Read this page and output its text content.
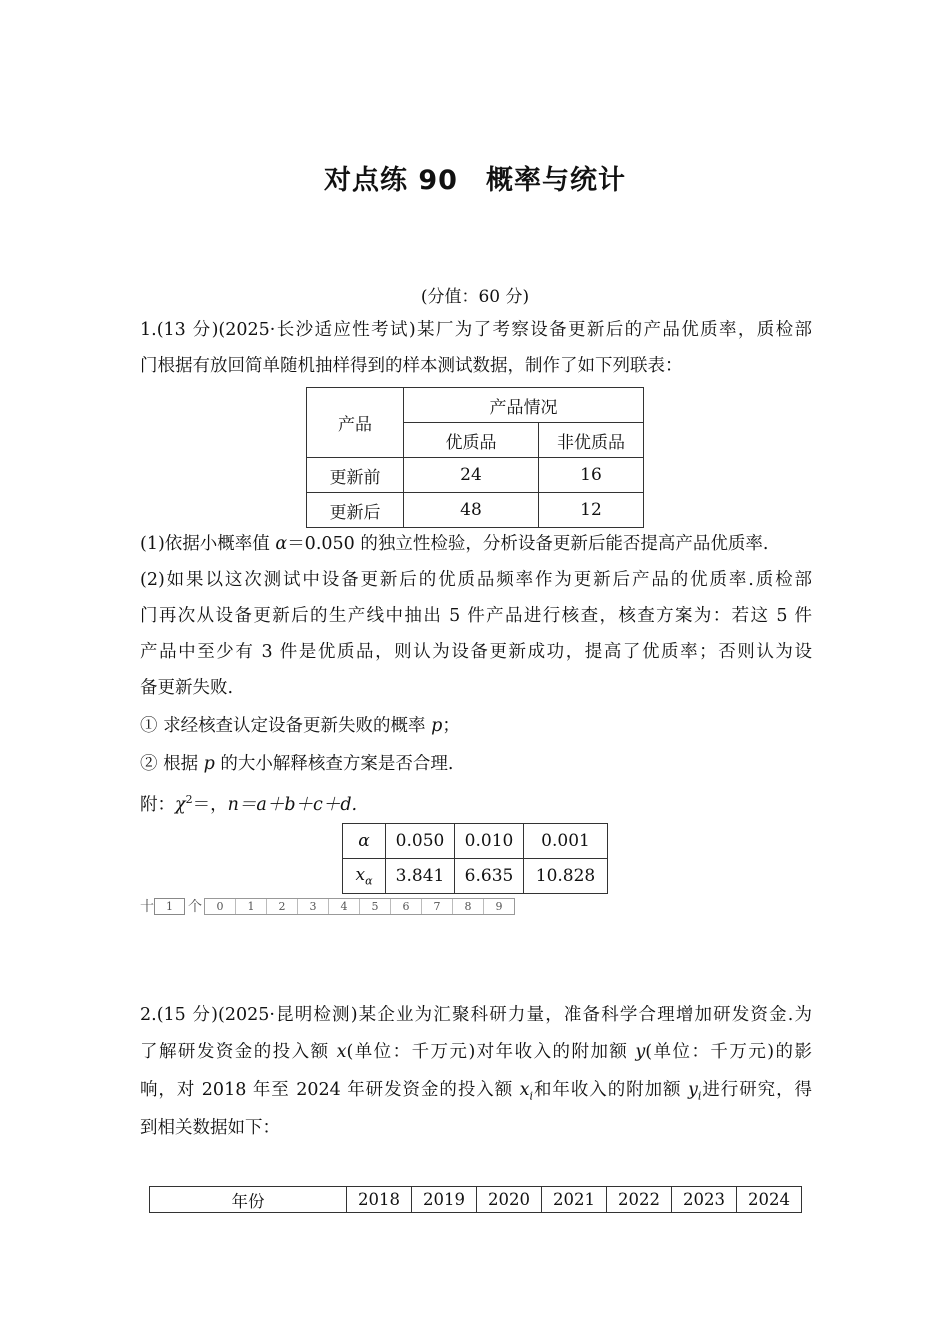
对点练 90 概率与统计
(分值：60 分)
1.(13 分)(2025·长沙适应性考试)某厂为了考察设备更新后的产品优质率，质检部
门根据有放回简单随机抽样得到的样本测试数据，制作了如下列联表：
产品	产品情况	
	优质品	非优质品
更新前	24	16
更新后	48	12
(1)依据小概率值 α＝0.050 的独立性检验，分析设备更新后能否提高产品优质率.
(2)如果以这次测试中设备更新后的优质品频率作为更新后产品的优质率.质检部
门再次从设备更新后的生产线中抽出 5 件产品进行核查，核查方案为：若这 5 件
产品中至少有 3 件是优质品，则认为设备更新成功，提高了优质率；否则认为设
备更新失败.
① 求经核查认定设备更新失败的概率 p；
② 根据 p 的大小解释核查方案是否合理.
附：$\chi^2=$，n＝a＋b＋c＋d.
α	0.050	0.010	0.001
$x_\alpha$	3.841	6.635	10.828
十	1	个	0	1	2	3	4	5	6	7	8	9
2.(15 分)(2025·昆明检测)某企业为汇聚科研力量，准备科学合理增加研发资金.为
了解研发资金的投入额 x(单位：千万元)对年收入的附加额 y(单位：千万元)的影
响，对 2018 年至 2024 年研发资金的投入额 $x_i$和年收入的附加额 $y_i$进行研究，得
到相关数据如下：
年份	2018	2019	2020	2021	2022	2023	2024
